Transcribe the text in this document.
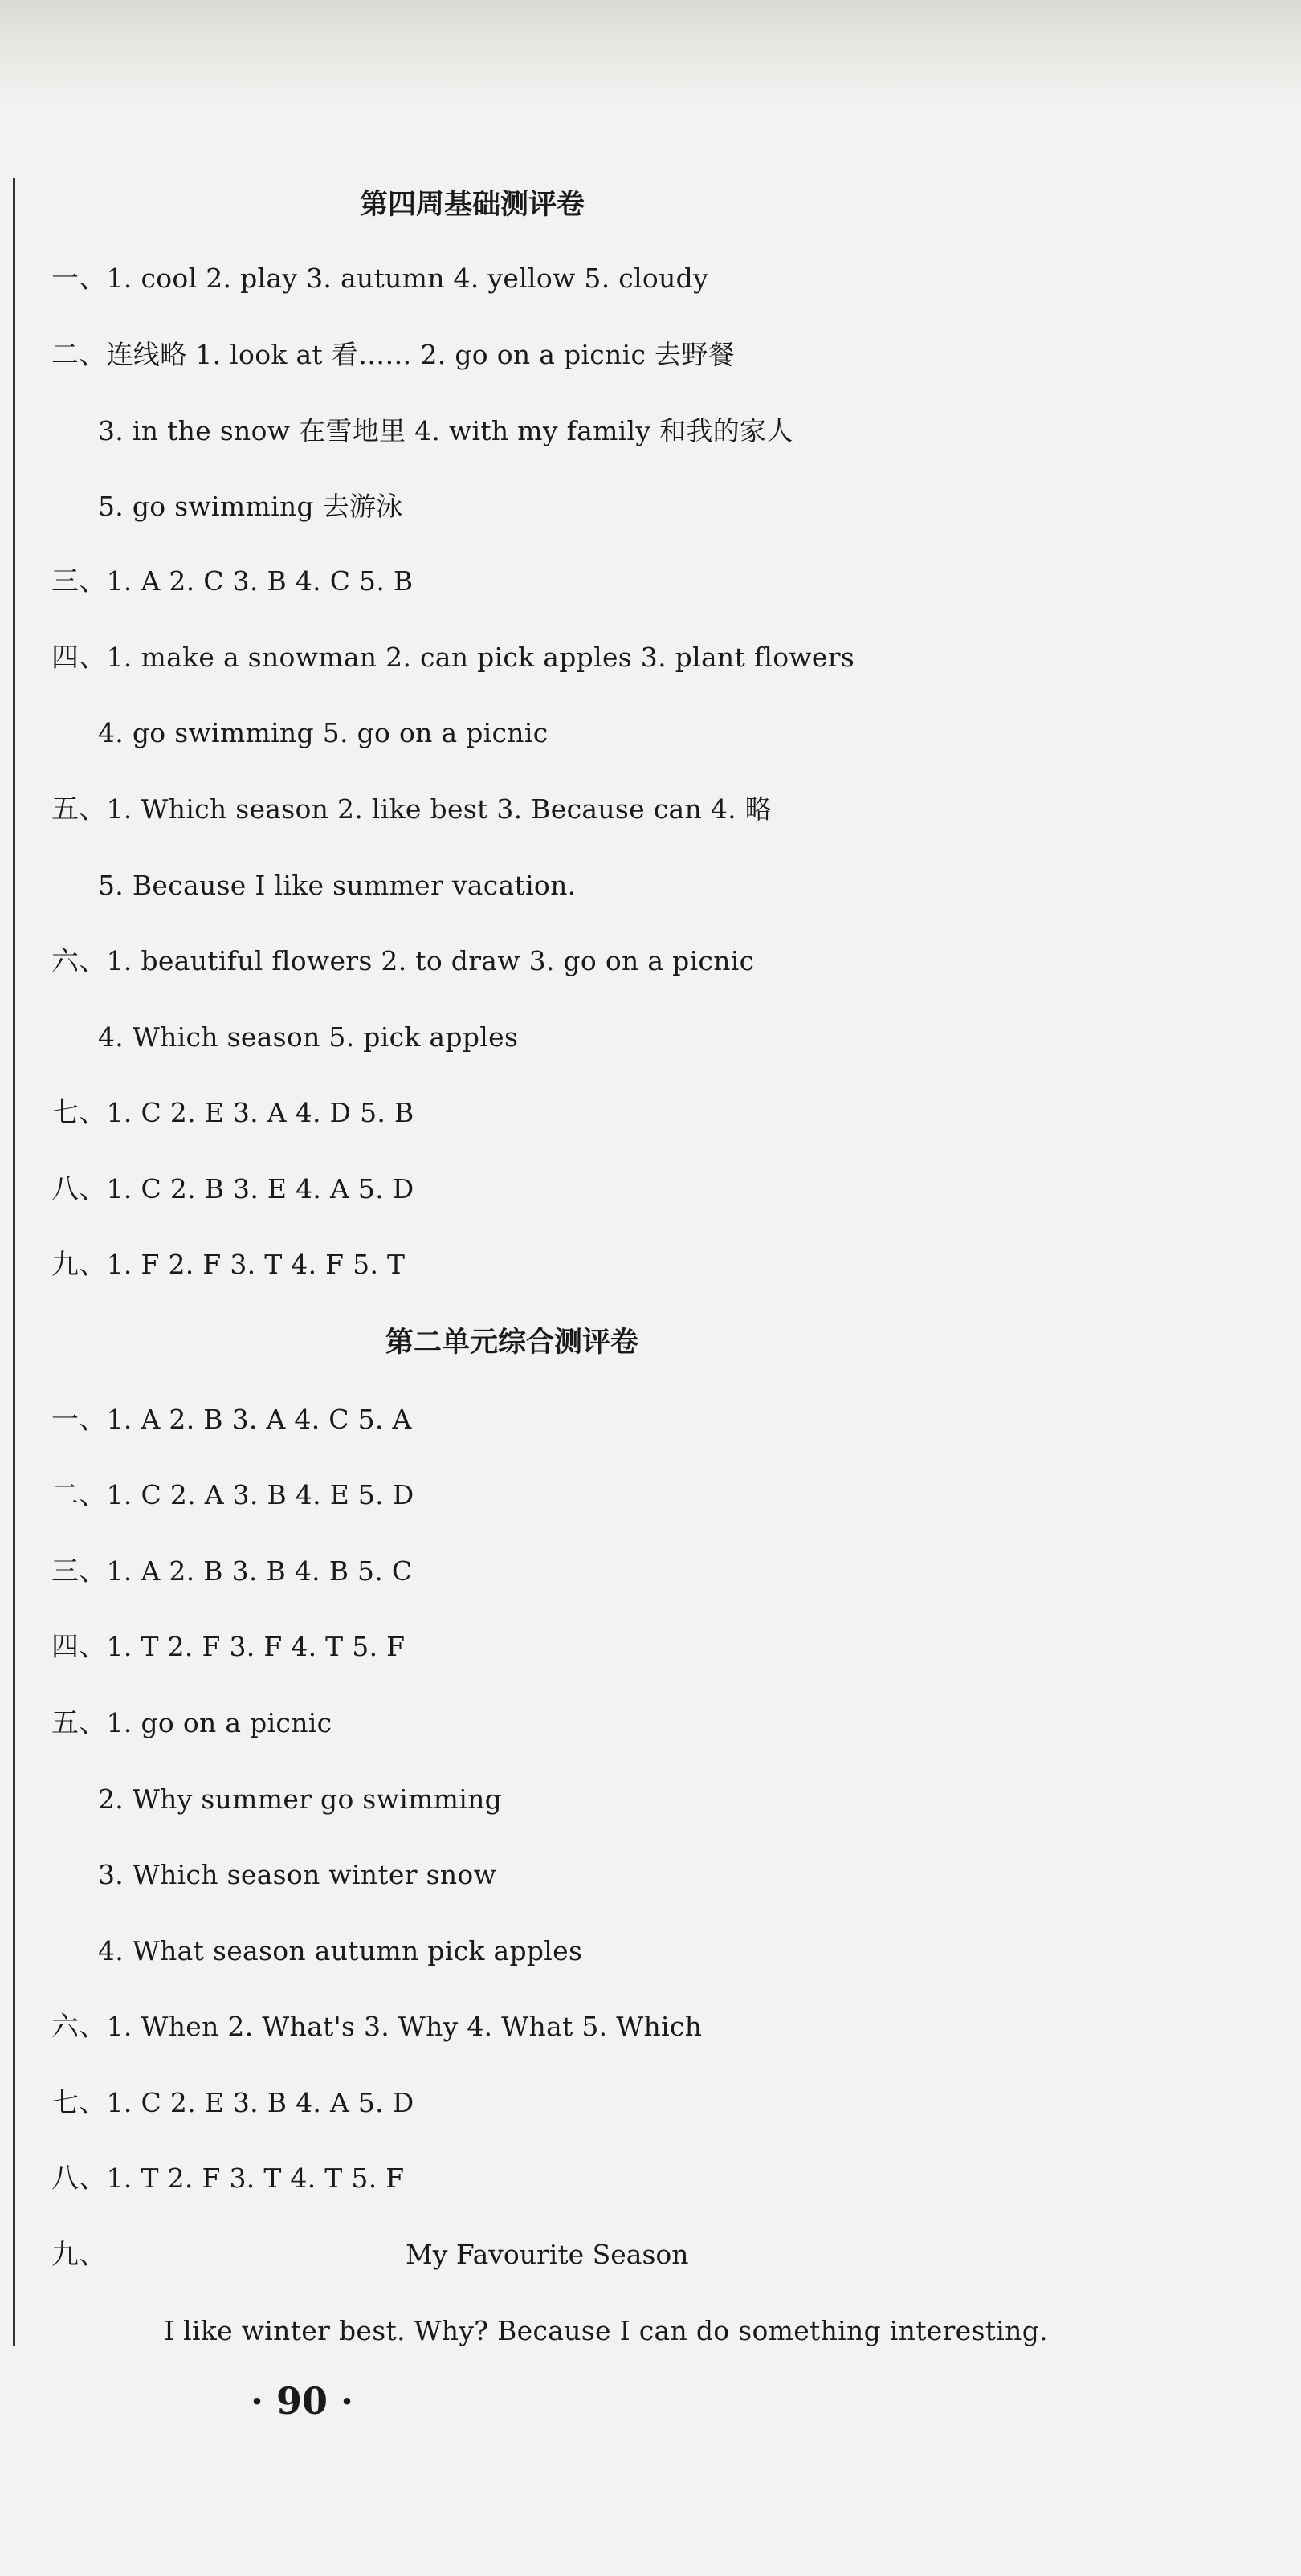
第四周基础测评卷
一、1. cool 2. play 3. autumn 4. yellow 5. cloudy
二、连线略 1. look at 看…… 2. go on a picnic 去野餐
3. in the snow 在雪地里 4. with my family 和我的家人
5. go swimming 去游泳
三、1. A 2. C 3. B 4. C 5. B
四、1. make a snowman 2. can pick apples 3. plant flowers
4. go swimming 5. go on a picnic
五、1. Which season 2. like best 3. Because can 4. 略
5. Because I like summer vacation.
六、1. beautiful flowers 2. to draw 3. go on a picnic
4. Which season 5. pick apples
七、1. C 2. E 3. A 4. D 5. B
八、1. C 2. B 3. E 4. A 5. D
九、1. F 2. F 3. T 4. F 5. T
第二单元综合测评卷
一、1. A 2. B 3. A 4. C 5. A
二、1. C 2. A 3. B 4. E 5. D
三、1. A 2. B 3. B 4. B 5. C
四、1. T 2. F 3. F 4. T 5. F
五、1. go on a picnic
2. Why summer go swimming
3. Which season winter snow
4. What season autumn pick apples
六、1. When 2. What's 3. Why 4. What 5. Which
七、1. C 2. E 3. B 4. A 5. D
八、1. T 2. F 3. T 4. T 5. F
九、	My Favourite Season
I like winter best. Why? Because I can do something interesting.
· 90 ·
